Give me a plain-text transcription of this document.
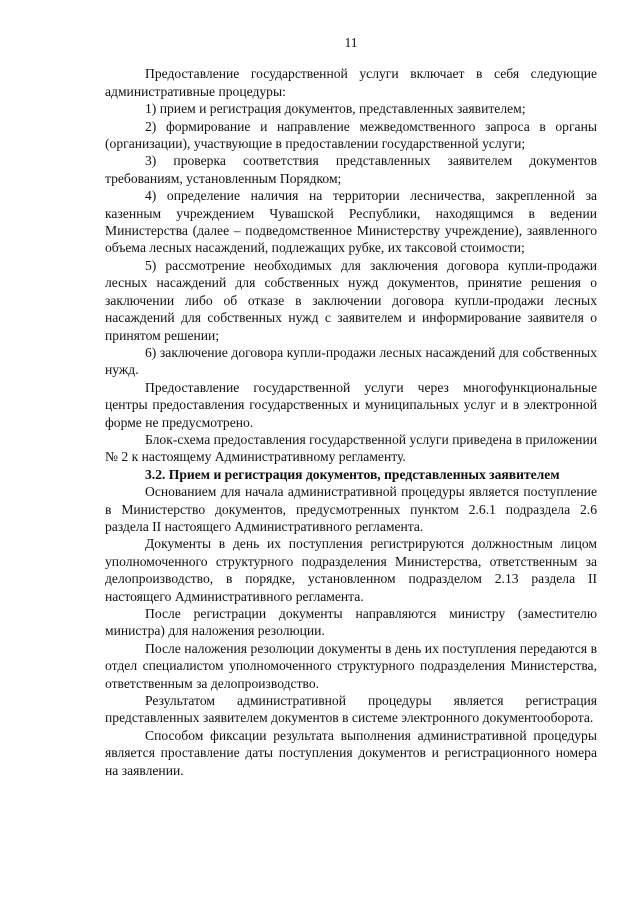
11

Предоставление государственной услуги включает в себя следующие административные процедуры:

1) прием и регистрация документов, представленных заявителем;

2) формирование и направление межведомственного запроса в органы (организации), участвующие в предоставлении государственной услуги;

3) проверка соответствия представленных заявителем документов требованиям, установленным Порядком;

4) определение наличия на территории лесничества, закрепленной за казенным учреждением Чувашской Республики, находящимся в ведении Министерства (далее – подведомственное Министерству учреждение), заявленного объема лесных насаждений, подлежащих рубке, их таксовой стоимости;

5) рассмотрение необходимых для заключения договора купли-продажи лесных насаждений для собственных нужд документов, принятие решения о заключении либо об отказе в заключении договора купли-продажи лесных насаждений для собственных нужд с заявителем и информирование заявителя о принятом решении;

6) заключение договора купли-продажи лесных насаждений для собственных нужд.

Предоставление государственной услуги через многофункциональные центры предоставления государственных и муниципальных услуг и в электронной форме не предусмотрено.

Блок-схема предоставления государственной услуги приведена в приложении № 2 к настоящему Административному регламенту.

3.2. Прием и регистрация документов, представленных заявителем

Основанием для начала административной процедуры является поступление в Министерство документов, предусмотренных пунктом 2.6.1 подраздела 2.6 раздела II настоящего Административного регламента.

Документы в день их поступления регистрируются должностным лицом уполномоченного структурного подразделения Министерства, ответственным за делопроизводство, в порядке, установленном подразделом 2.13 раздела II настоящего Административного регламента.

После регистрации документы направляются министру (заместителю министра) для наложения резолюции.

После наложения резолюции документы в день их поступления передаются в отдел специалистом уполномоченного структурного подразделения Министерства, ответственным за делопроизводство.

Результатом административной процедуры является регистрация представленных заявителем документов в системе электронного документооборота.

Способом фиксации результата выполнения административной процедуры является проставление даты поступления документов и регистрационного номера на заявлении.
